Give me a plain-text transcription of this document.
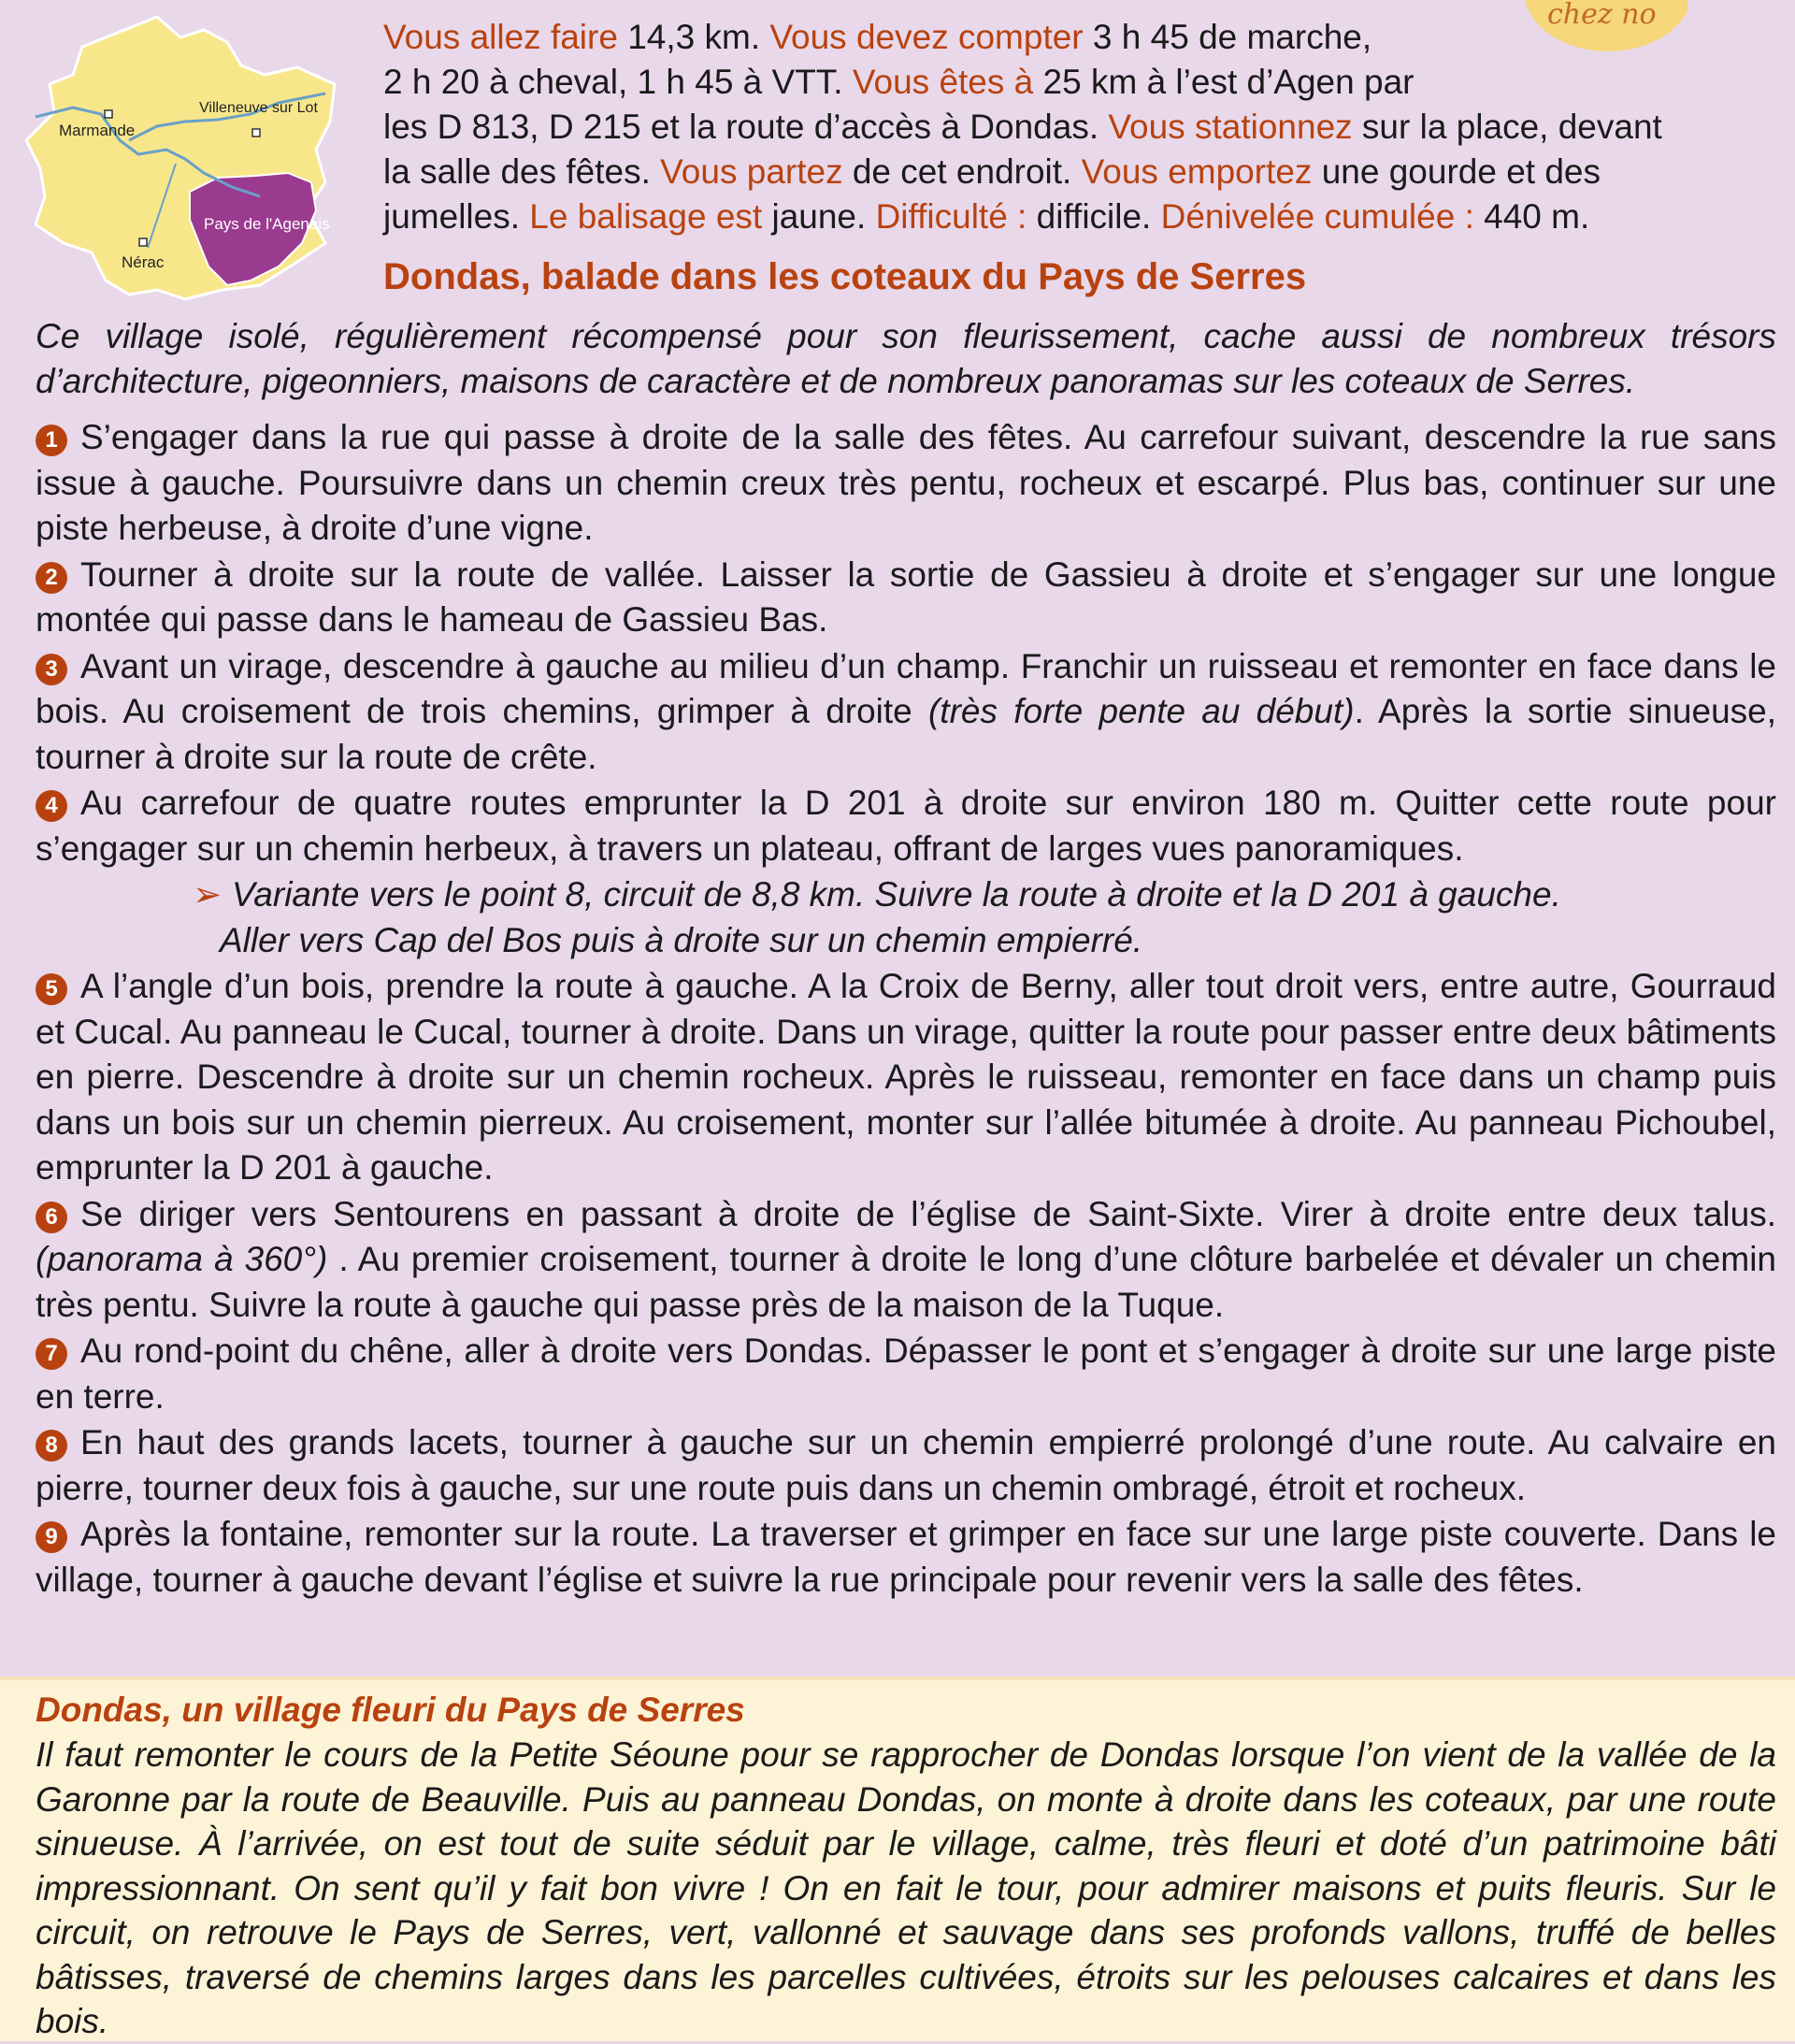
Marmande
Villeneuve sur Lot
Pays de l'Agenais
Nérac

Vous allez faire 14,3 km. Vous devez compter 3 h 45 de marche,

2 h 20 à cheval, 1 h 45 à VTT. Vous êtes à 25 km à l’est d’Agen par

les D 813, D 215 et la route d’accès à Dondas. Vous stationnez sur la place, devant

la salle des fêtes. Vous partez de cet endroit. Vous emportez une gourde et des

jumelles. Le balisage est jaune. Difficulté : difficile. Dénivelée cumulée : 440 m.

Dondas, balade dans les coteaux du Pays de Serres
Ce village isolé, régulièrement récompensé pour son fleurissement, cache aussi de nombreux trésors d’architecture, pigeonniers, maisons de caractère et de nombreux panoramas sur les coteaux de Serres.

1 S’engager dans la rue qui passe à droite de la salle des fêtes. Au carrefour suivant, descendre la rue sans issue à gauche. Poursuivre dans un chemin creux très pentu, rocheux et escarpé. Plus bas, continuer sur une piste herbeuse, à droite d’une vigne.

2 Tourner à droite sur la route de vallée. Laisser la sortie de Gassieu à droite et s’engager sur une longue montée qui passe dans le hameau de Gassieu Bas.

3 Avant un virage, descendre à gauche au milieu d’un champ. Franchir un ruisseau et remonter en face dans le bois. Au croisement de trois chemins, grimper à droite (très forte pente au début). Après la sortie sinueuse, tourner à droite sur la route de crête.

4 Au carrefour de quatre routes emprunter la D 201 à droite sur environ 180 m. Quitter cette route pour s’engager sur un chemin herbeux, à travers un plateau, offrant de larges vues panoramiques.

➢ Variante vers le point 8, circuit de 8,8 km. Suivre la route à droite et la D 201 à gauche.
Aller vers Cap del Bos puis à droite sur un chemin empierré.

5 A l’angle d’un bois, prendre la route à gauche. A la Croix de Berny, aller tout droit vers, entre autre, Gourraud et Cucal. Au panneau le Cucal, tourner à droite. Dans un virage, quitter la route pour passer entre deux bâtiments en pierre. Descendre à droite sur un chemin rocheux. Après le ruisseau, remonter en face dans un champ puis dans un bois sur un chemin pierreux. Au croisement, monter sur l’allée bitumée à droite. Au panneau Pichoubel, emprunter la D 201 à gauche.

6 Se diriger vers Sentourens en passant à droite de l’église de Saint-Sixte. Virer à droite entre deux talus. (panorama à 360°) . Au premier croisement, tourner à droite le long d’une clôture barbelée et dévaler un chemin très pentu. Suivre la route à gauche qui passe près de la maison de la Tuque.

7 Au rond-point du chêne, aller à droite vers Dondas. Dépasser le pont et s’engager à droite sur une large piste en terre.

8 En haut des grands lacets, tourner à gauche sur un chemin empierré prolongé d’une route. Au calvaire en pierre, tourner deux fois à gauche, sur une route puis dans un chemin ombragé, étroit et rocheux.

9 Après la fontaine, remonter sur la route. La traverser et grimper en face sur une large piste couverte. Dans le village, tourner à gauche devant l’église et suivre la rue principale pour revenir vers la salle des fêtes.

Dondas, un village fleuri du Pays de Serres
Il faut remonter le cours de la Petite Séoune pour se rapprocher de Dondas lorsque l’on vient de la vallée de la Garonne par la route de Beauville. Puis au panneau Dondas, on monte à droite dans les coteaux, par une route sinueuse. À l’arrivée, on est tout de suite séduit par le village, calme, très fleuri et doté d’un patrimoine bâti impressionnant. On sent qu’il y fait bon vivre ! On en fait le tour, pour admirer maisons et puits fleuris. Sur le circuit, on retrouve le Pays de Serres, vert, vallonné et sauvage dans ses profonds vallons, truffé de belles bâtisses, traversé de chemins larges dans les parcelles cultivées, étroits sur les pelouses calcaires et dans les bois.
chez no
